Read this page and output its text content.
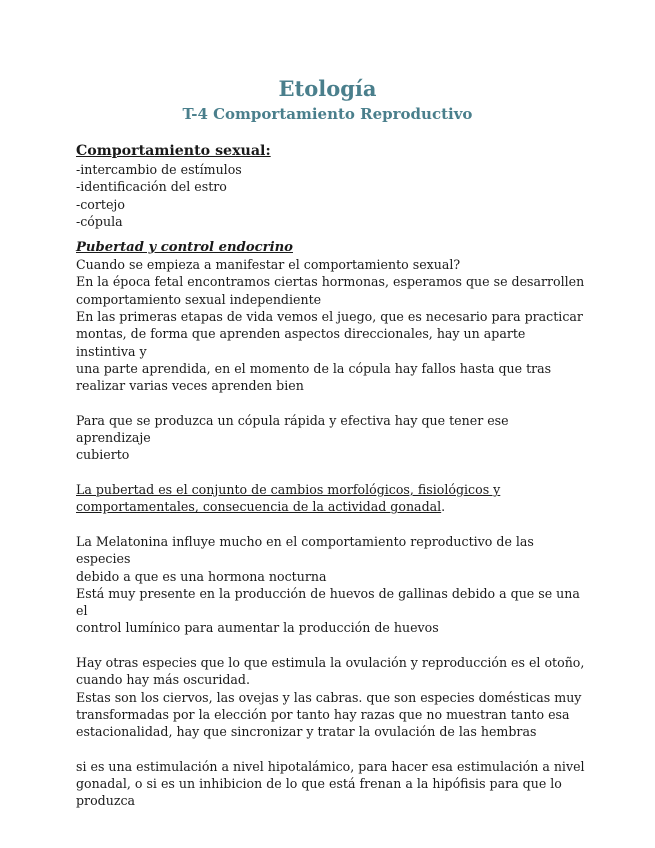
Etología
T-4 Comportamiento Reproductivo

Comportamiento sexual:

-intercambio de estímulos

-identificación del estro

-cortejo

-cópula

Pubertad y control endocrino

Cuando se empieza a manifestar el comportamiento sexual?

En la época fetal encontramos ciertas hormonas, esperamos que se desarrollen

comportamiento sexual independiente

En las primeras etapas de vida vemos el juego, que es necesario para practicar

montas, de forma que aprenden aspectos direccionales, hay un aparte instintiva y

una parte aprendida, en el momento de la cópula hay fallos hasta que tras

realizar varias veces aprenden bien

Para que se produzca un cópula rápida y efectiva hay que tener ese aprendizaje

cubierto

La pubertad es el conjunto de cambios morfológicos, fisiológicos y

comportamentales, consecuencia de la actividad gonadal.

La Melatonina influye mucho en el comportamiento reproductivo de las especies

debido a que es una hormona nocturna

Está muy presente en la producción de huevos de gallinas debido a que se una el

control lumínico para aumentar la producción de huevos

Hay otras especies que lo que estimula la ovulación y reproducción es el otoño,

cuando hay más oscuridad.

Estas son los ciervos, las ovejas y las cabras. que son especies domésticas muy

transformadas por la elección por tanto hay razas que no muestran tanto esa

estacionalidad, hay que sincronizar y tratar la ovulación de las hembras

si es una estimulación a nivel hipotalámico, para hacer esa estimulación a nivel

gonadal, o si es un inhibicion de lo que está frenan a la hipófisis para que lo

produzca
